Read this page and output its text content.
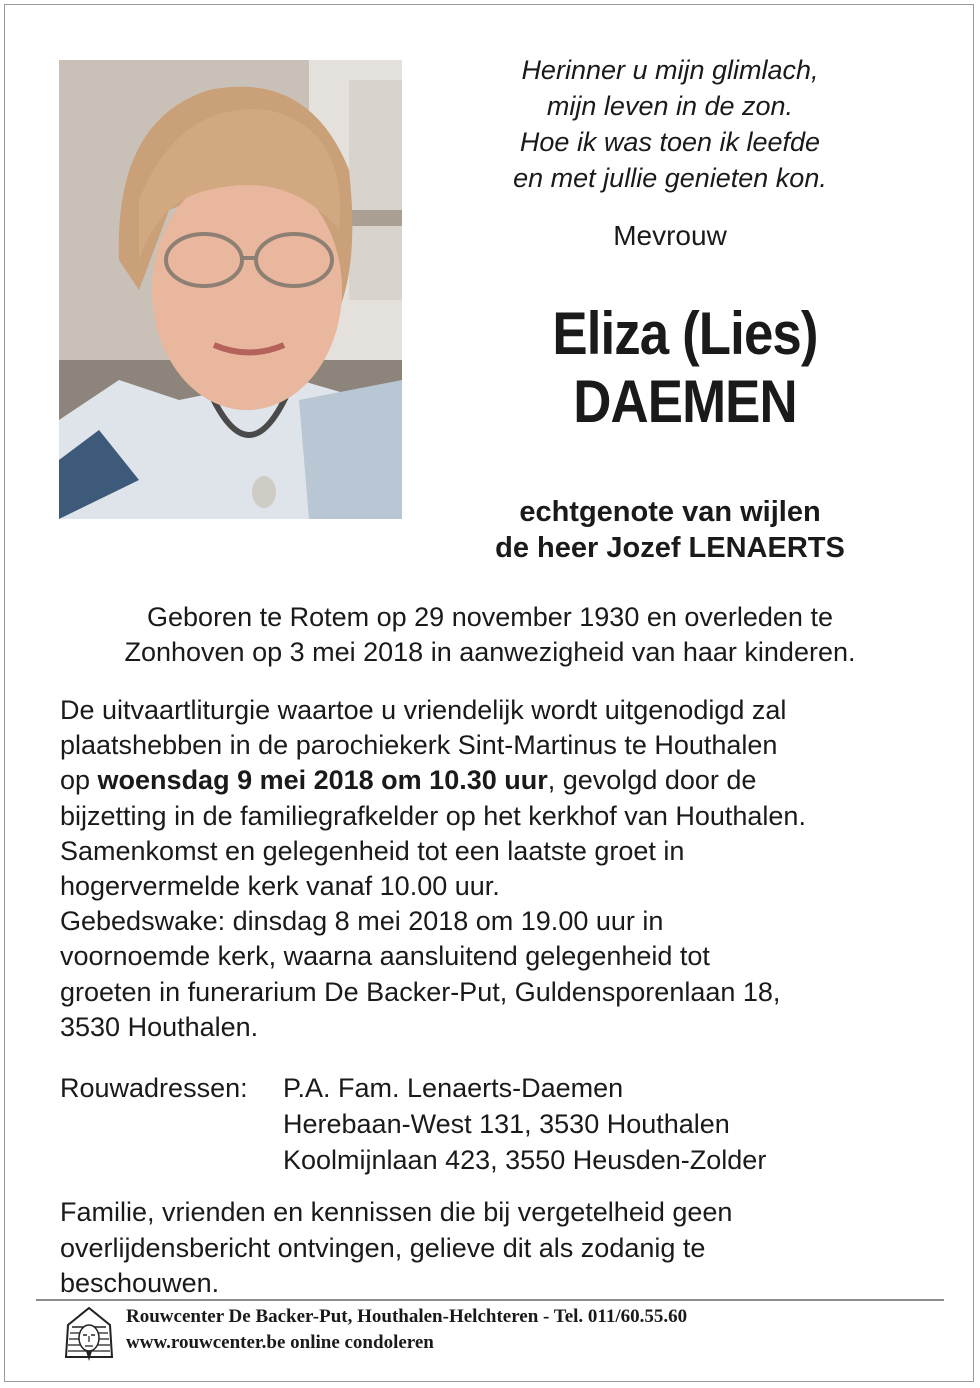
Herinner u mijn glimlach,
mijn leven in de zon.
Hoe ik was toen ik leefde
en met jullie genieten kon.
Mevrouw
Eliza (Lies)
DAEMEN
echtgenote van wijlen
de heer Jozef LENAERTS
Geboren te Rotem op 29 november 1930 en overleden te
Zonhoven op 3 mei 2018 in aanwezigheid van haar kinderen.
De uitvaartliturgie waartoe u vriendelijk wordt uitgenodigd zal
plaatshebben in de parochiekerk Sint-Martinus te Houthalen
op woensdag 9 mei 2018 om 10.30 uur, gevolgd door de
bijzetting in de familiegrafkelder op het kerkhof van Houthalen.
Samenkomst en gelegenheid tot een laatste groet in
hogervermelde kerk vanaf 10.00 uur.
Gebedswake: dinsdag 8 mei 2018 om 19.00 uur in
voornoemde kerk, waarna aansluitend gelegenheid tot
groeten in funerarium De Backer-Put, Guldensporenlaan 18,
3530 Houthalen.
Rouwadressen: P.A. Fam. Lenaerts-Daemen
Herebaan-West 131, 3530 Houthalen
Koolmijnlaan 423, 3550 Heusden-Zolder
Familie, vrienden en kennissen die bij vergetelheid geen
overlijdensbericht ontvingen, gelieve dit als zodanig te
beschouwen.
Rouwcenter De Backer-Put, Houthalen-Helchteren - Tel. 011/60.55.60
www.rouwcenter.be online condoleren
